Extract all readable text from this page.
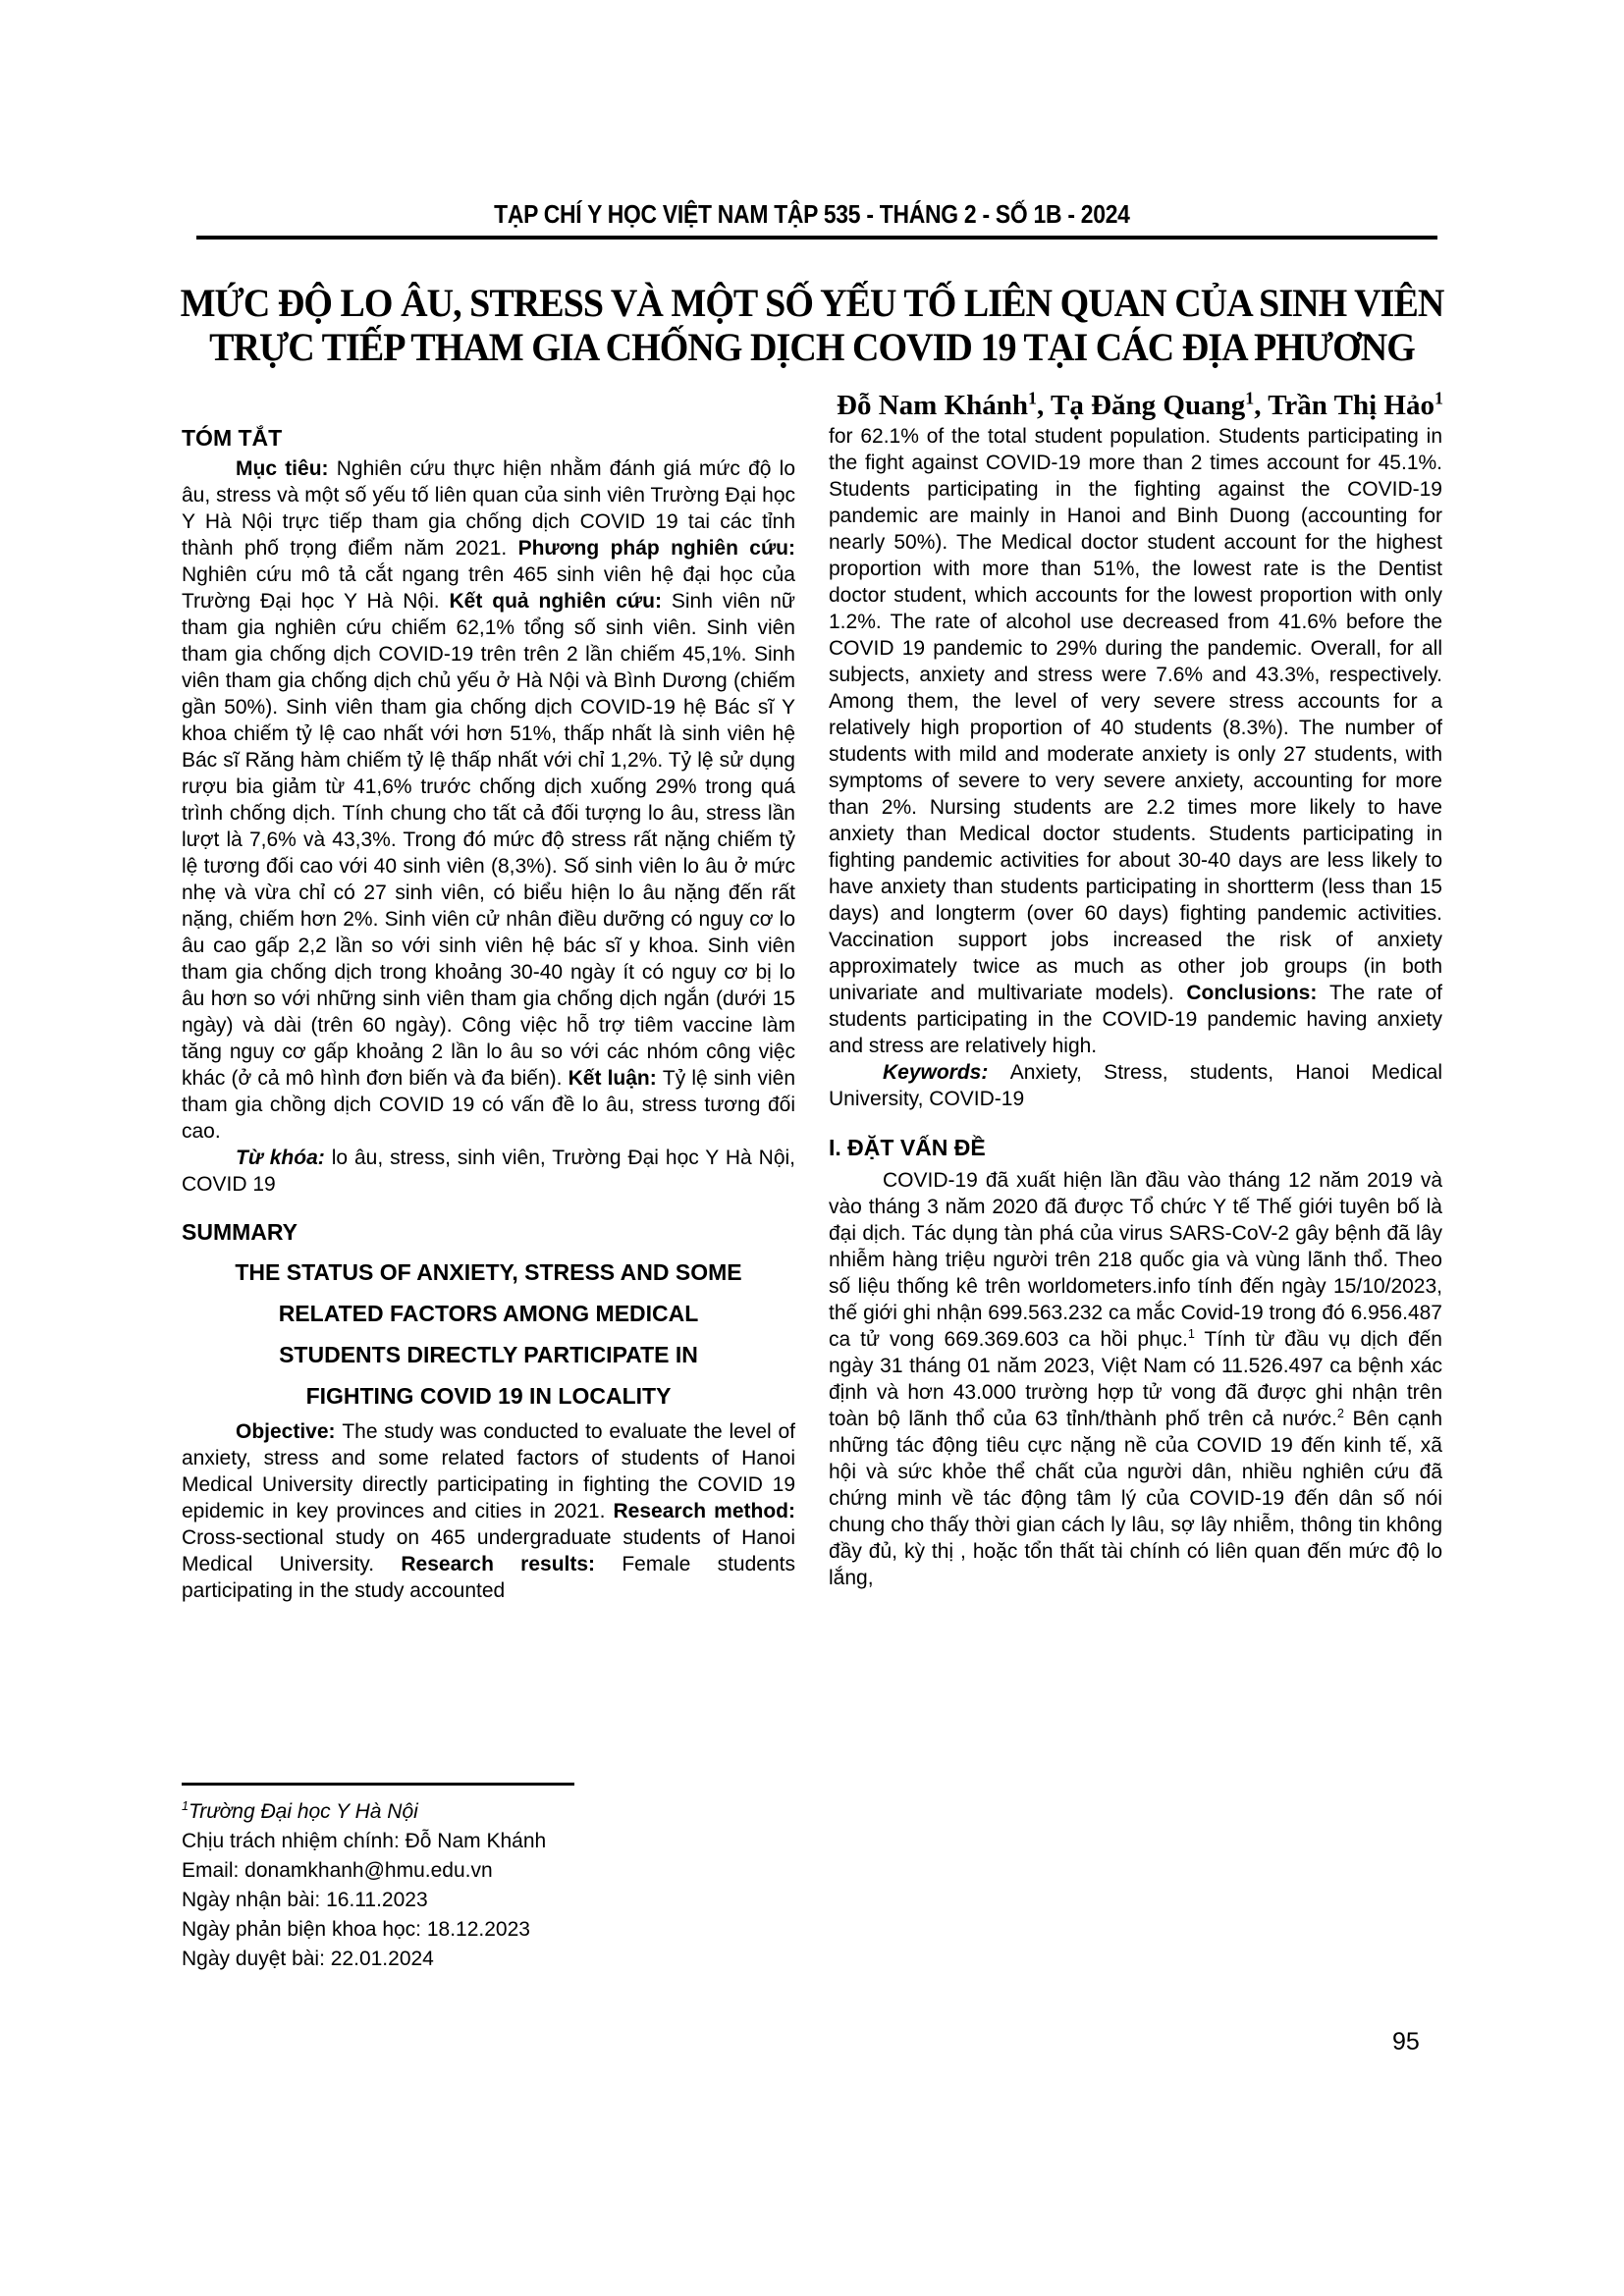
TẠP CHÍ Y HỌC VIỆT NAM TẬP 535 - THÁNG 2 - SỐ 1B - 2024
MỨC ĐỘ LO ÂU, STRESS VÀ MỘT SỐ YẾU TỐ LIÊN QUAN CỦA SINH VIÊN
TRỰC TIẾP THAM GIA CHỐNG DỊCH COVID 19 TẠI CÁC ĐỊA PHƯƠNG
Đỗ Nam Khánh$^1$, Tạ Đăng Quang$^1$, Trần Thị Hảo$^1$
TÓM TẮT

Mục tiêu: Nghiên cứu thực hiện nhằm đánh giá mức độ lo âu, stress và một số yếu tố liên quan của sinh viên Trường Đại học Y Hà Nội trực tiếp tham gia chống dịch COVID 19 tai các tỉnh thành phố trọng điểm năm 2021. Phương pháp nghiên cứu: Nghiên cứu mô tả cắt ngang trên 465 sinh viên hệ đại học của Trường Đại học Y Hà Nội. Kết quả nghiên cứu: Sinh viên nữ tham gia nghiên cứu chiếm 62,1% tổng số sinh viên. Sinh viên tham gia chống dịch COVID-19 trên trên 2 lần chiếm 45,1%. Sinh viên tham gia chống dịch chủ yếu ở Hà Nội và Bình Dương (chiếm gần 50%). Sinh viên tham gia chống dịch COVID-19 hệ Bác sĩ Y khoa chiếm tỷ lệ cao nhất với hơn 51%, thấp nhất là sinh viên hệ Bác sĩ Răng hàm chiếm tỷ lệ thấp nhất với chỉ 1,2%. Tỷ lệ sử dụng rượu bia giảm từ 41,6% trước chống dịch xuống 29% trong quá trình chống dịch. Tính chung cho tất cả đối tượng lo âu, stress lần lượt là 7,6% và 43,3%. Trong đó mức độ stress rất nặng chiếm tỷ lệ tương đối cao với 40 sinh viên (8,3%). Số sinh viên lo âu ở mức nhẹ và vừa chỉ có 27 sinh viên, có biểu hiện lo âu nặng đến rất nặng, chiếm hơn 2%. Sinh viên cử nhân điều dưỡng có nguy cơ lo âu cao gấp 2,2 lần so với sinh viên hệ bác sĩ y khoa. Sinh viên tham gia chống dịch trong khoảng 30-40 ngày ít có nguy cơ bị lo âu hơn so với những sinh viên tham gia chống dịch ngắn (dưới 15 ngày) và dài (trên 60 ngày). Công việc hỗ trợ tiêm vaccine làm tăng nguy cơ gấp khoảng 2 lần lo âu so với các nhóm công việc khác (ở cả mô hình đơn biến và đa biến). Kết luận: Tỷ lệ sinh viên tham gia chồng dịch COVID 19 có vấn đề lo âu, stress tương đối cao.

Từ khóa: lo âu, stress, sinh viên, Trường Đại học Y Hà Nội, COVID 19

SUMMARY
THE STATUS OF ANXIETY, STRESS AND SOME
RELATED FACTORS AMONG MEDICAL
STUDENTS DIRECTLY PARTICIPATE IN
FIGHTING COVID 19 IN LOCALITY

Objective: The study was conducted to evaluate the level of anxiety, stress and some related factors of students of Hanoi Medical University directly participating in fighting the COVID 19 epidemic in key provinces and cities in 2021. Research method: Cross-sectional study on 465 undergraduate students of Hanoi Medical University. Research results: Female students participating in the study accounted

$^1$Trường Đại học Y Hà Nội
Chịu trách nhiệm chính: Đỗ Nam Khánh
Email: donamkhanh@hmu.edu.vn
Ngày nhận bài: 16.11.2023
Ngày phản biện khoa học: 18.12.2023
Ngày duyệt bài: 22.01.2024

for 62.1% of the total student population. Students participating in the fight against COVID-19 more than 2 times account for 45.1%. Students participating in the fighting against the COVID-19 pandemic are mainly in Hanoi and Binh Duong (accounting for nearly 50%). The Medical doctor student account for the highest proportion with more than 51%, the lowest rate is the Dentist doctor student, which accounts for the lowest proportion with only 1.2%. The rate of alcohol use decreased from 41.6% before the COVID 19 pandemic to 29% during the pandemic. Overall, for all subjects, anxiety and stress were 7.6% and 43.3%, respectively. Among them, the level of very severe stress accounts for a relatively high proportion of 40 students (8.3%). The number of students with mild and moderate anxiety is only 27 students, with symptoms of severe to very severe anxiety, accounting for more than 2%. Nursing students are 2.2 times more likely to have anxiety than Medical doctor students. Students participating in fighting pandemic activities for about 30-40 days are less likely to have anxiety than students participating in shortterm (less than 15 days) and longterm (over 60 days) fighting pandemic activities. Vaccination support jobs increased the risk of anxiety approximately twice as much as other job groups (in both univariate and multivariate models). Conclusions: The rate of students participating in the COVID-19 pandemic having anxiety and stress are relatively high.

Keywords: Anxiety, Stress, students, Hanoi Medical University, COVID-19

I. ĐẶT VẤN ĐỀ

COVID-19 đã xuất hiện lần đầu vào tháng 12 năm 2019 và vào tháng 3 năm 2020 đã được Tổ chức Y tế Thế giới tuyên bố là đại dịch. Tác dụng tàn phá của virus SARS-CoV-2 gây bệnh đã lây nhiễm hàng triệu người trên 218 quốc gia và vùng lãnh thổ. Theo số liệu thống kê trên worldometers.info tính đến ngày 15/10/2023, thế giới ghi nhận 699.563.232 ca mắc Covid-19 trong đó 6.956.487 ca tử vong 669.369.603 ca hồi phục.$^1$ Tính từ đầu vụ dịch đến ngày 31 tháng 01 năm 2023, Việt Nam có 11.526.497 ca bệnh xác định và hơn 43.000 trường hợp tử vong đã được ghi nhận trên toàn bộ lãnh thổ của 63 tỉnh/thành phố trên cả nước.$^2$ Bên cạnh những tác động tiêu cực nặng nề của COVID 19 đến kinh tế, xã hội và sức khỏe thể chất của người dân, nhiều nghiên cứu đã chứng minh về tác động tâm lý của COVID-19 đến dân số nói chung cho thấy thời gian cách ly lâu, sợ lây nhiễm, thông tin không đầy đủ, kỳ thị , hoặc tổn thất tài chính có liên quan đến mức độ lo lắng,

95
